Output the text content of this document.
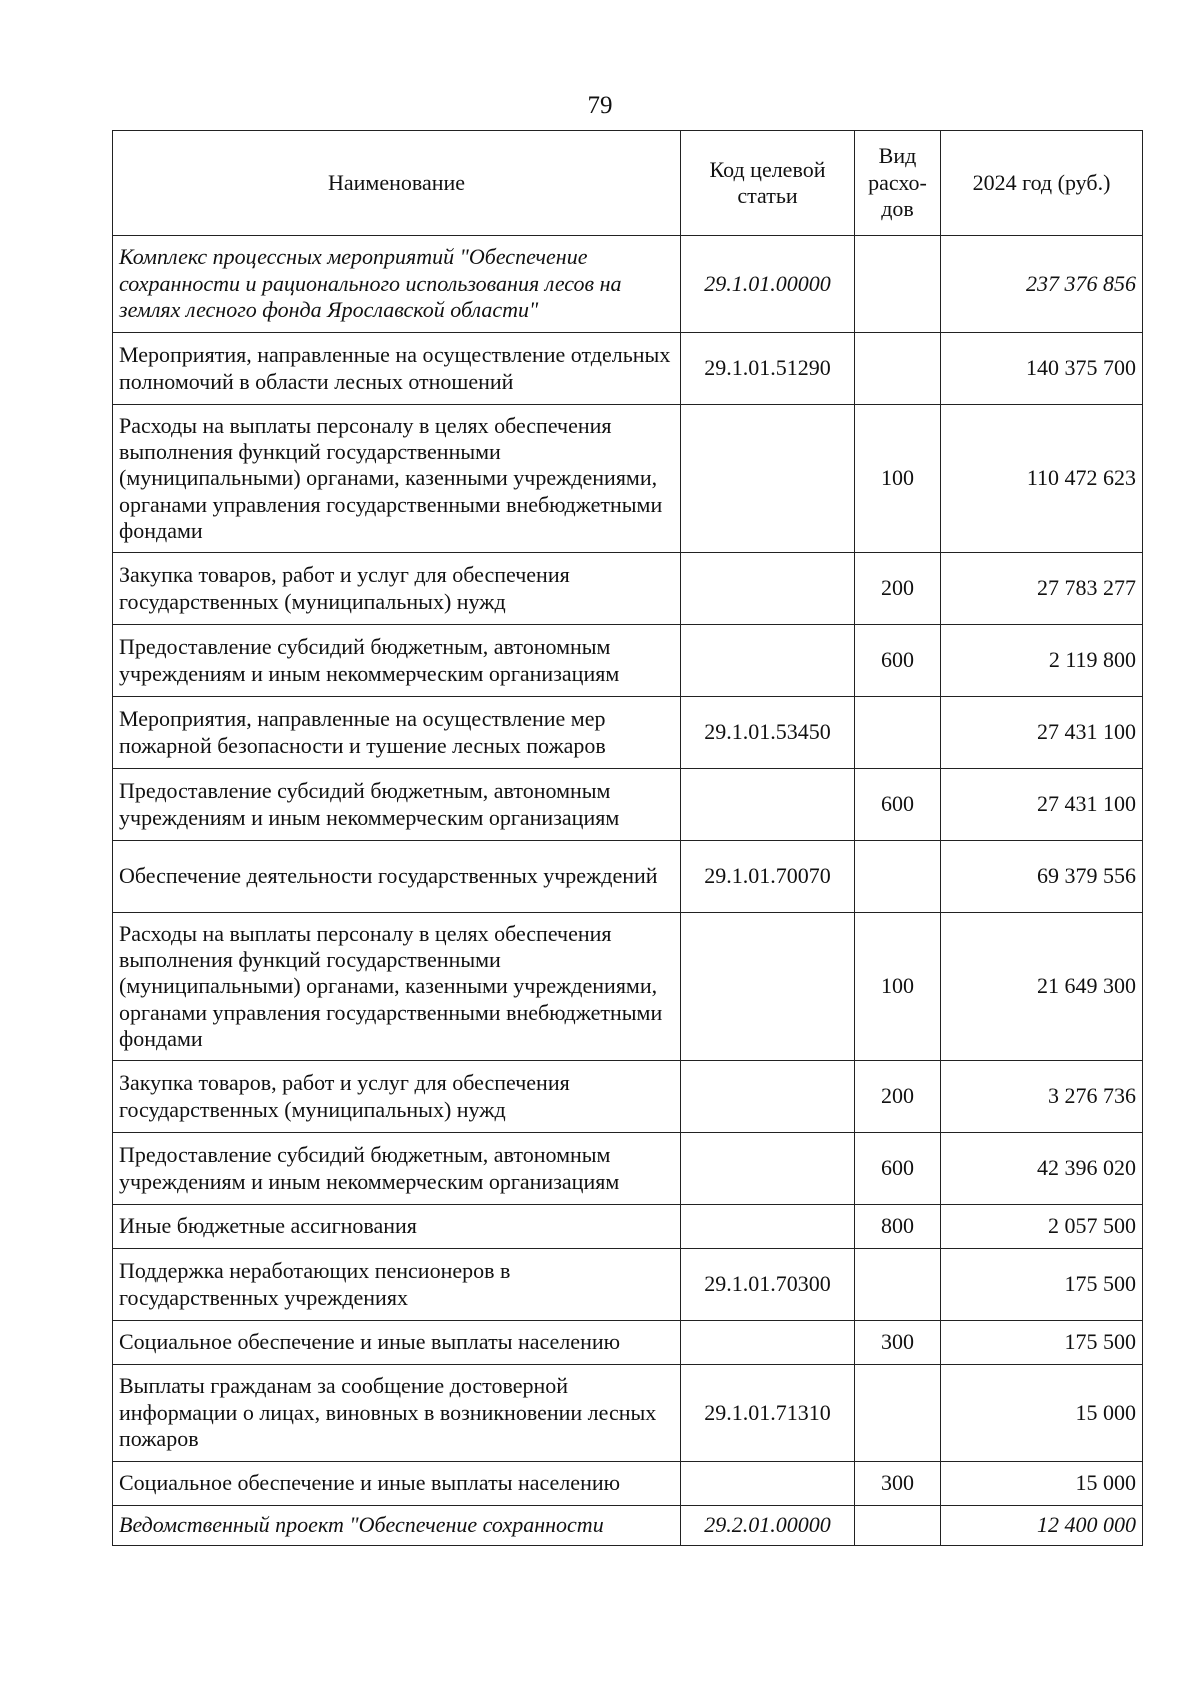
79
Наименование	Код целевой статьи	Вид расхо-дов	2024 год (руб.)
Комплекс процессных мероприятий "Обеспечение сохранности и рационального использования лесов на землях лесного фонда Ярославской области"	29.1.01.00000		237 376 856
Мероприятия, направленные на осуществление отдельных полномочий в области лесных отношений	29.1.01.51290		140 375 700
Расходы на выплаты персоналу в целях обеспечения выполнения функций государственными (муниципальными) органами, казенными учреждениями, органами управления государственными внебюджетными фондами		100	110 472 623
Закупка товаров, работ и услуг для обеспечения государственных (муниципальных) нужд		200	27 783 277
Предоставление субсидий бюджетным, автономным учреждениям и иным некоммерческим организациям		600	2 119 800
Мероприятия, направленные на осуществление мер пожарной безопасности и тушение лесных пожаров	29.1.01.53450		27 431 100
Предоставление субсидий бюджетным, автономным учреждениям и иным некоммерческим организациям		600	27 431 100
Обеспечение деятельности государственных учреждений	29.1.01.70070		69 379 556
Расходы на выплаты персоналу в целях обеспечения выполнения функций государственными (муниципальными) органами, казенными учреждениями, органами управления государственными внебюджетными фондами		100	21 649 300
Закупка товаров, работ и услуг для обеспечения государственных (муниципальных) нужд		200	3 276 736
Предоставление субсидий бюджетным, автономным учреждениям и иным некоммерческим организациям		600	42 396 020
Иные бюджетные ассигнования		800	2 057 500
Поддержка неработающих пенсионеров в государственных учреждениях	29.1.01.70300		175 500
Социальное обеспечение и иные выплаты населению		300	175 500
Выплаты гражданам за сообщение достоверной информации о лицах, виновных в возникновении лесных пожаров	29.1.01.71310		15 000
Социальное обеспечение и иные выплаты населению		300	15 000
Ведомственный проект "Обеспечение сохранности	29.2.01.00000		12 400 000
